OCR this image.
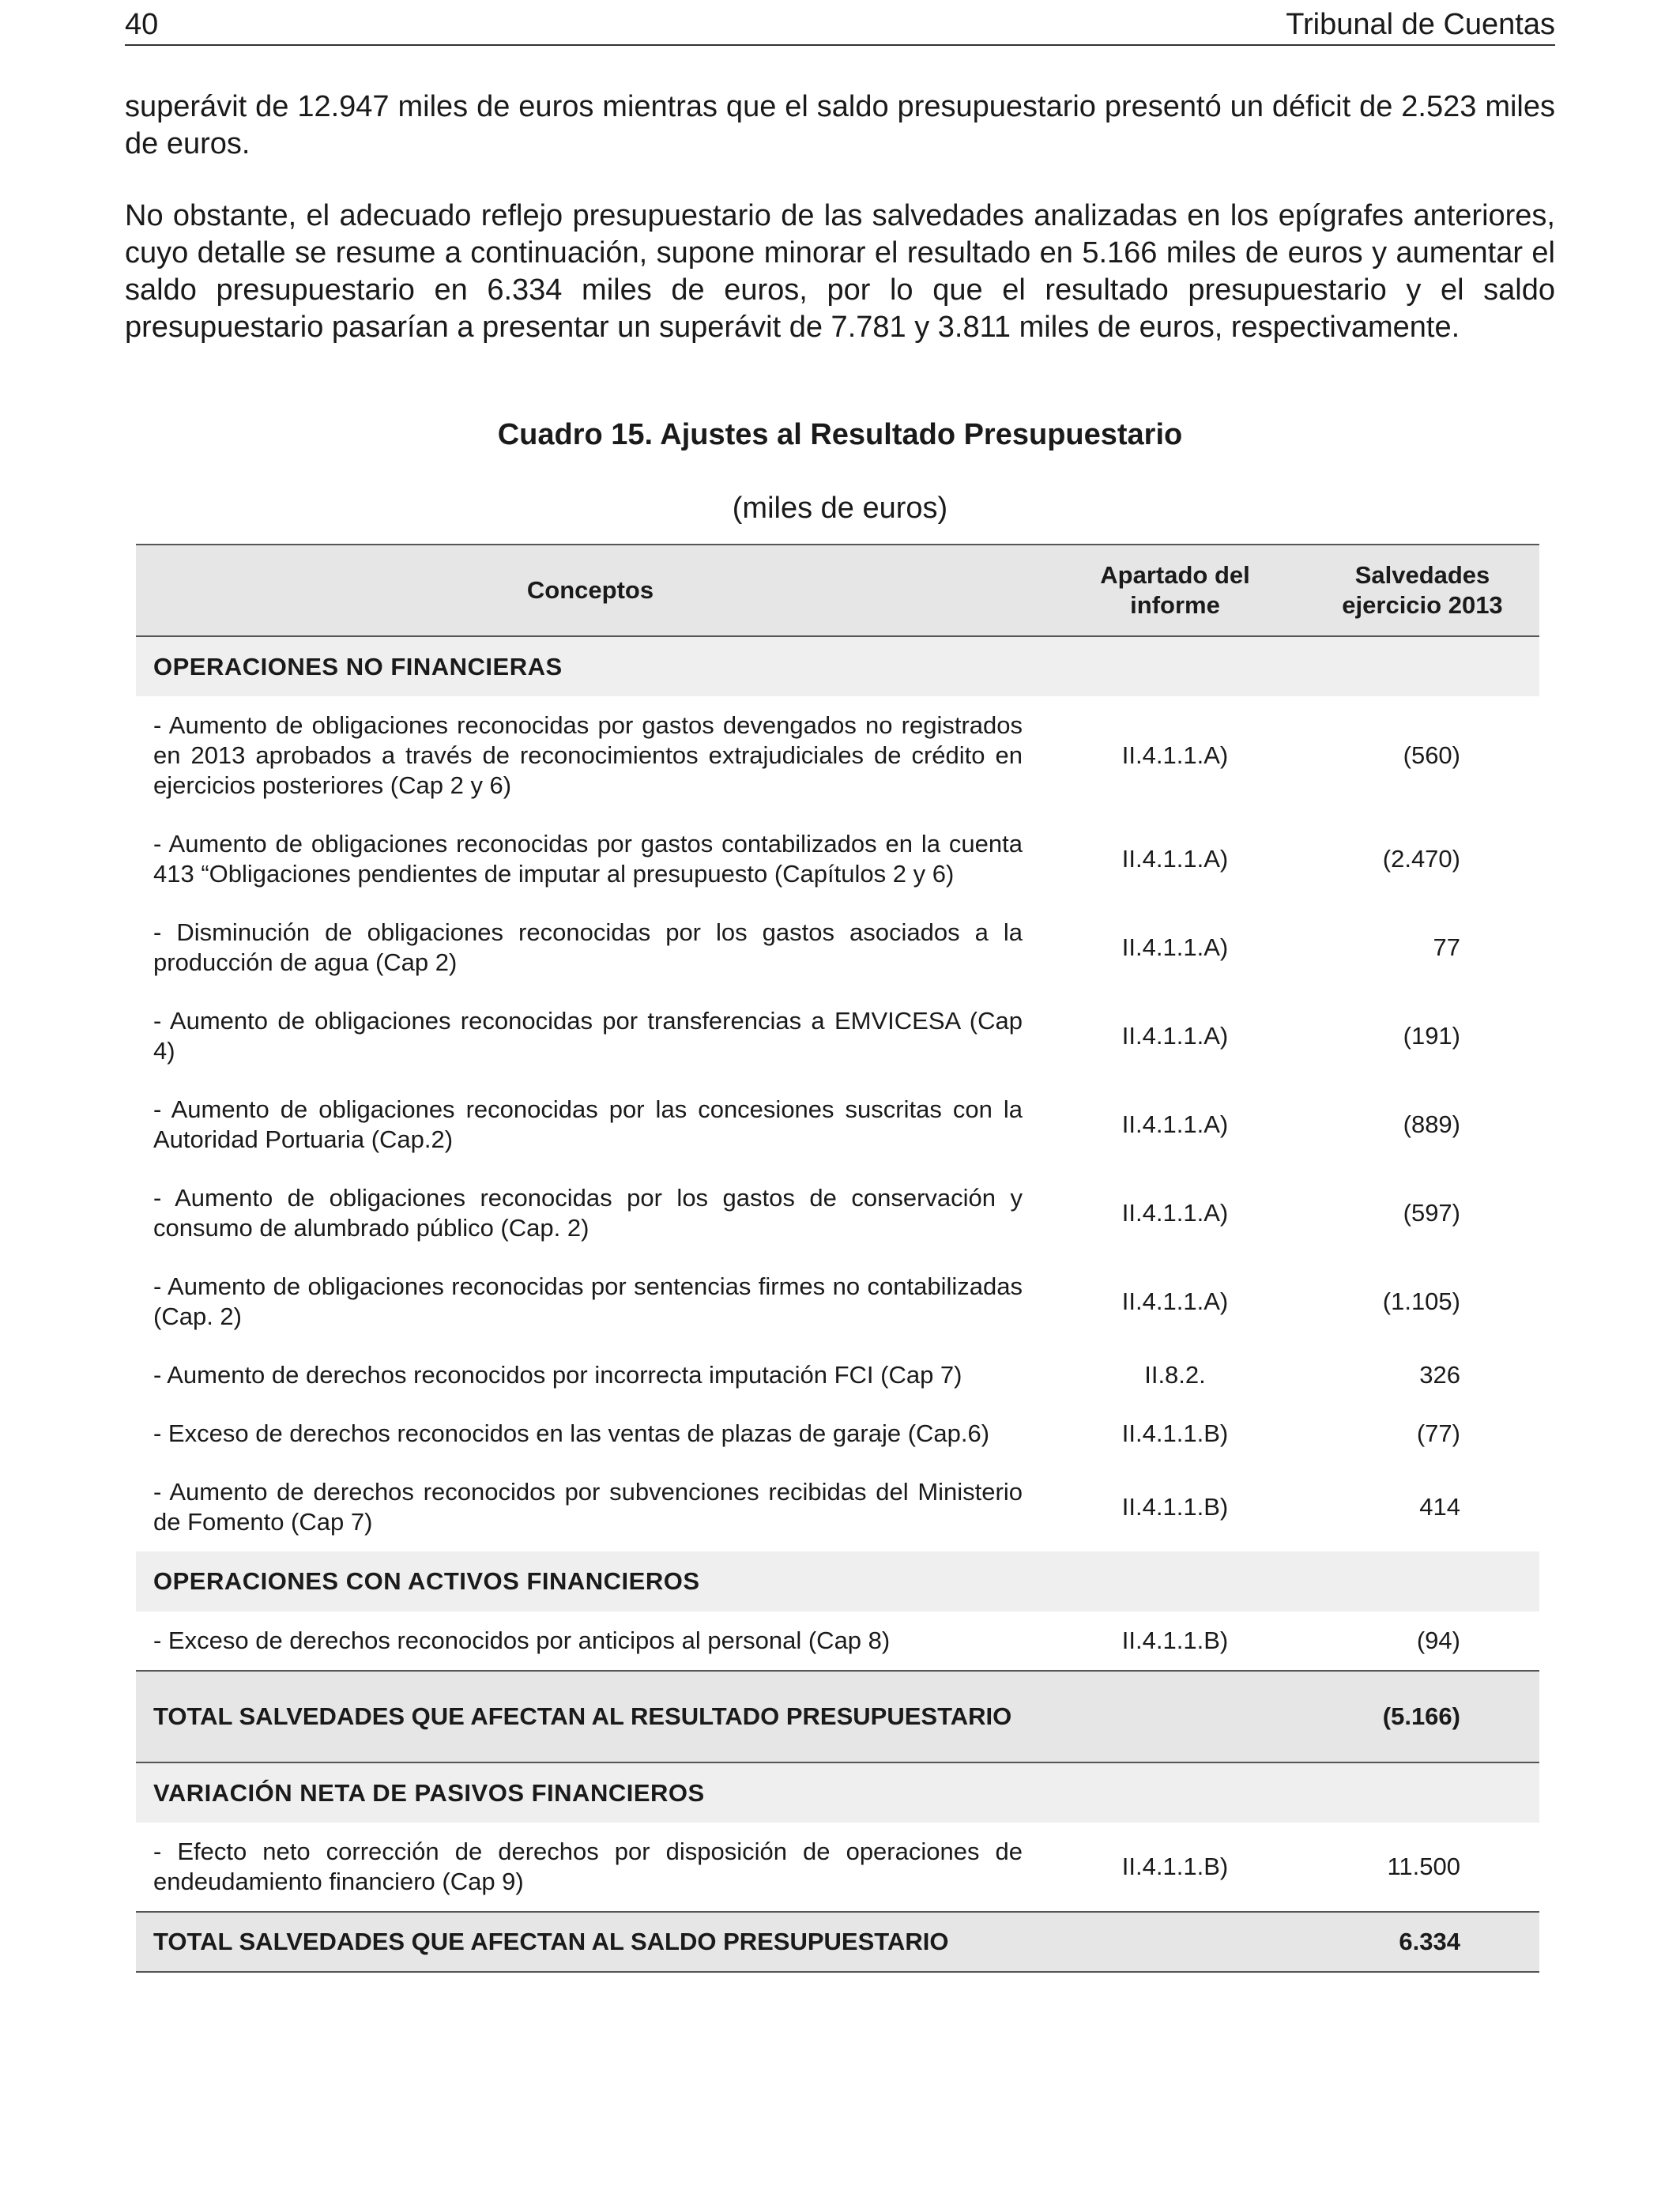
40	Tribunal de Cuentas

superávit de 12.947 miles de euros mientras que el saldo presupuestario presentó un déficit de 2.523 miles de euros.

No obstante, el adecuado reflejo presupuestario de las salvedades analizadas en los epígrafes anteriores, cuyo detalle se resume a continuación, supone minorar el resultado en 5.166 miles de euros y aumentar el saldo presupuestario en 6.334 miles de euros, por lo que el resultado presupuestario y el saldo presupuestario pasarían a presentar un superávit de 7.781 y 3.811 miles de euros, respectivamente.

Cuadro 15. Ajustes al Resultado Presupuestario
(miles de euros)
Conceptos	Apartado del informe	Salvedades ejercicio 2013
OPERACIONES NO FINANCIERAS		
- Aumento de obligaciones reconocidas por gastos devengados no registrados en 2013 aprobados a través de reconocimientos extrajudiciales de crédito en ejercicios posteriores (Cap 2 y 6)	II.4.1.1.A)	(560)
- Aumento de obligaciones reconocidas por gastos contabilizados en la cuenta 413 “Obligaciones pendientes de imputar al presupuesto (Capítulos 2 y 6)	II.4.1.1.A)	(2.470)
- Disminución de obligaciones reconocidas por los gastos asociados a la producción de agua (Cap 2)	II.4.1.1.A)	77
- Aumento de obligaciones reconocidas por transferencias a EMVICESA (Cap 4)	II.4.1.1.A)	(191)
- Aumento de obligaciones reconocidas por las concesiones suscritas con la Autoridad Portuaria (Cap.2)	II.4.1.1.A)	(889)
- Aumento de obligaciones reconocidas por los gastos de conservación y consumo de alumbrado público (Cap. 2)	II.4.1.1.A)	(597)
- Aumento de obligaciones reconocidas por sentencias firmes no contabilizadas (Cap. 2)	II.4.1.1.A)	(1.105)
- Aumento de derechos reconocidos por incorrecta imputación FCI (Cap 7)	II.8.2.	326
- Exceso de derechos reconocidos en las ventas de plazas de garaje (Cap.6)	II.4.1.1.B)	(77)
- Aumento de derechos reconocidos por subvenciones recibidas del Ministerio de Fomento (Cap 7)	II.4.1.1.B)	414
OPERACIONES CON ACTIVOS FINANCIEROS		
- Exceso de derechos reconocidos por anticipos al personal (Cap 8)	II.4.1.1.B)	(94)
TOTAL SALVEDADES QUE AFECTAN AL RESULTADO PRESUPUESTARIO		(5.166)
VARIACIÓN NETA DE PASIVOS FINANCIEROS		
- Efecto neto corrección de derechos por disposición de operaciones de endeudamiento financiero (Cap 9)	II.4.1.1.B)	11.500
TOTAL SALVEDADES QUE AFECTAN AL SALDO PRESUPUESTARIO		6.334
